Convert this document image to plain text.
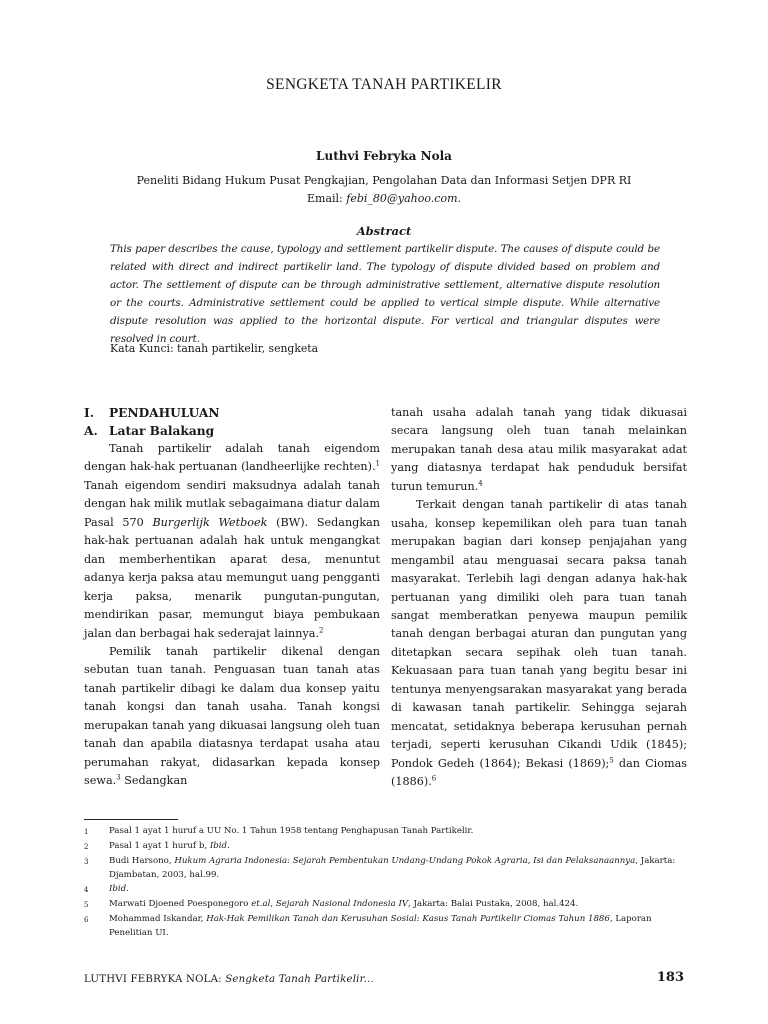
SENGKETA TANAH PARTIKELIR
Luthvi Febryka Nola
Peneliti Bidang Hukum Pusat Pengkajian, Pengolahan Data dan Informasi Setjen DPR RI
Email: febi_80@yahoo.com.
Abstract
This paper describes the cause, typology and settlement partikelir dispute. The causes of dispute could be related with direct and indirect partikelir land. The typology of dispute divided based on problem and actor. The settlement of dispute can be through administrative settlement, alternative dispute resolution or the courts. Administrative settlement could be applied to vertical simple dispute. While alternative dispute resolution was applied to the horizontal dispute. For vertical and triangular disputes were resolved in court.
Kata Kunci: tanah partikelir, sengketa
I.	PENDAHULUAN
A. Latar Balakang

Tanah partikelir adalah tanah eigendom dengan hak-hak pertuanan (landheerlijke rechten).$^1$ Tanah eigendom sendiri maksudnya adalah tanah dengan hak milik mutlak sebagaimana diatur dalam Pasal 570 Burgerlijk Wetboek (BW). Sedangkan hak-hak pertuanan adalah hak untuk mengangkat dan memberhentikan aparat desa, menuntut adanya kerja paksa atau memungut uang pengganti kerja paksa, menarik pungutan-pungutan, mendirikan pasar, memungut biaya pembukaan jalan dan berbagai hak sederajat lainnya.$^2$

Pemilik tanah partikelir dikenal dengan sebutan tuan tanah. Penguasan tuan tanah atas tanah partikelir dibagi ke dalam dua konsep yaitu tanah kongsi dan tanah usaha. Tanah kongsi merupakan tanah yang dikuasai langsung oleh tuan tanah dan apabila diatasnya terdapat usaha atau perumahan rakyat, didasarkan kepada konsep sewa.$^3$ Sedangkan

tanah usaha adalah tanah yang tidak dikuasai secara langsung oleh tuan tanah melainkan merupakan tanah desa atau milik masyarakat adat yang diatasnya terdapat hak penduduk bersifat turun temurun.$^4$

Terkait dengan tanah partikelir di atas tanah usaha, konsep kepemilikan oleh para tuan tanah merupakan bagian dari konsep penjajahan yang mengambil atau menguasai secara paksa tanah masyarakat. Terlebih lagi dengan adanya hak-hak pertuanan yang dimiliki oleh para tuan tanah sangat memberatkan penyewa maupun pemilik tanah dengan berbagai aturan dan pungutan yang ditetapkan secara sepihak oleh tuan tanah. Kekuasaan para tuan tanah yang begitu besar ini tentunya menyengsarakan masyarakat yang berada di kawasan tanah partikelir. Sehingga sejarah mencatat, setidaknya beberapa kerusuhan pernah terjadi, seperti kerusuhan Cikandi Udik (1845); Pondok Gedeh (1864); Bekasi (1869);$^5$ dan Ciomas (1886).$^6$

1	Pasal 1 ayat 1 huruf a UU No. 1 Tahun 1958 tentang Penghapusan Tanah Partikelir.
2	Pasal 1 ayat 1 huruf b, Ibid.
3	Budi Harsono, Hukum Agraria Indonesia: Sejarah Pembentukan Undang-Undang Pokok Agraria, Isi dan Pelaksanaannya, Jakarta: Djambatan, 2003, hal.99.
4	Ibid.
5	Marwati Djoened Poesponegoro et.al, Sejarah Nasional Indonesia IV, Jakarta: Balai Pustaka, 2008, hal.424.
6	Mohammad Iskandar, Hak-Hak Pemilikan Tanah dan Kerusuhan Sosial: Kasus Tanah Partikelir Ciomas Tahun 1886, Laporan Penelitian UI.
LUTHVI FEBRYKA NOLA: Sengketa Tanah Partikelir...	183
